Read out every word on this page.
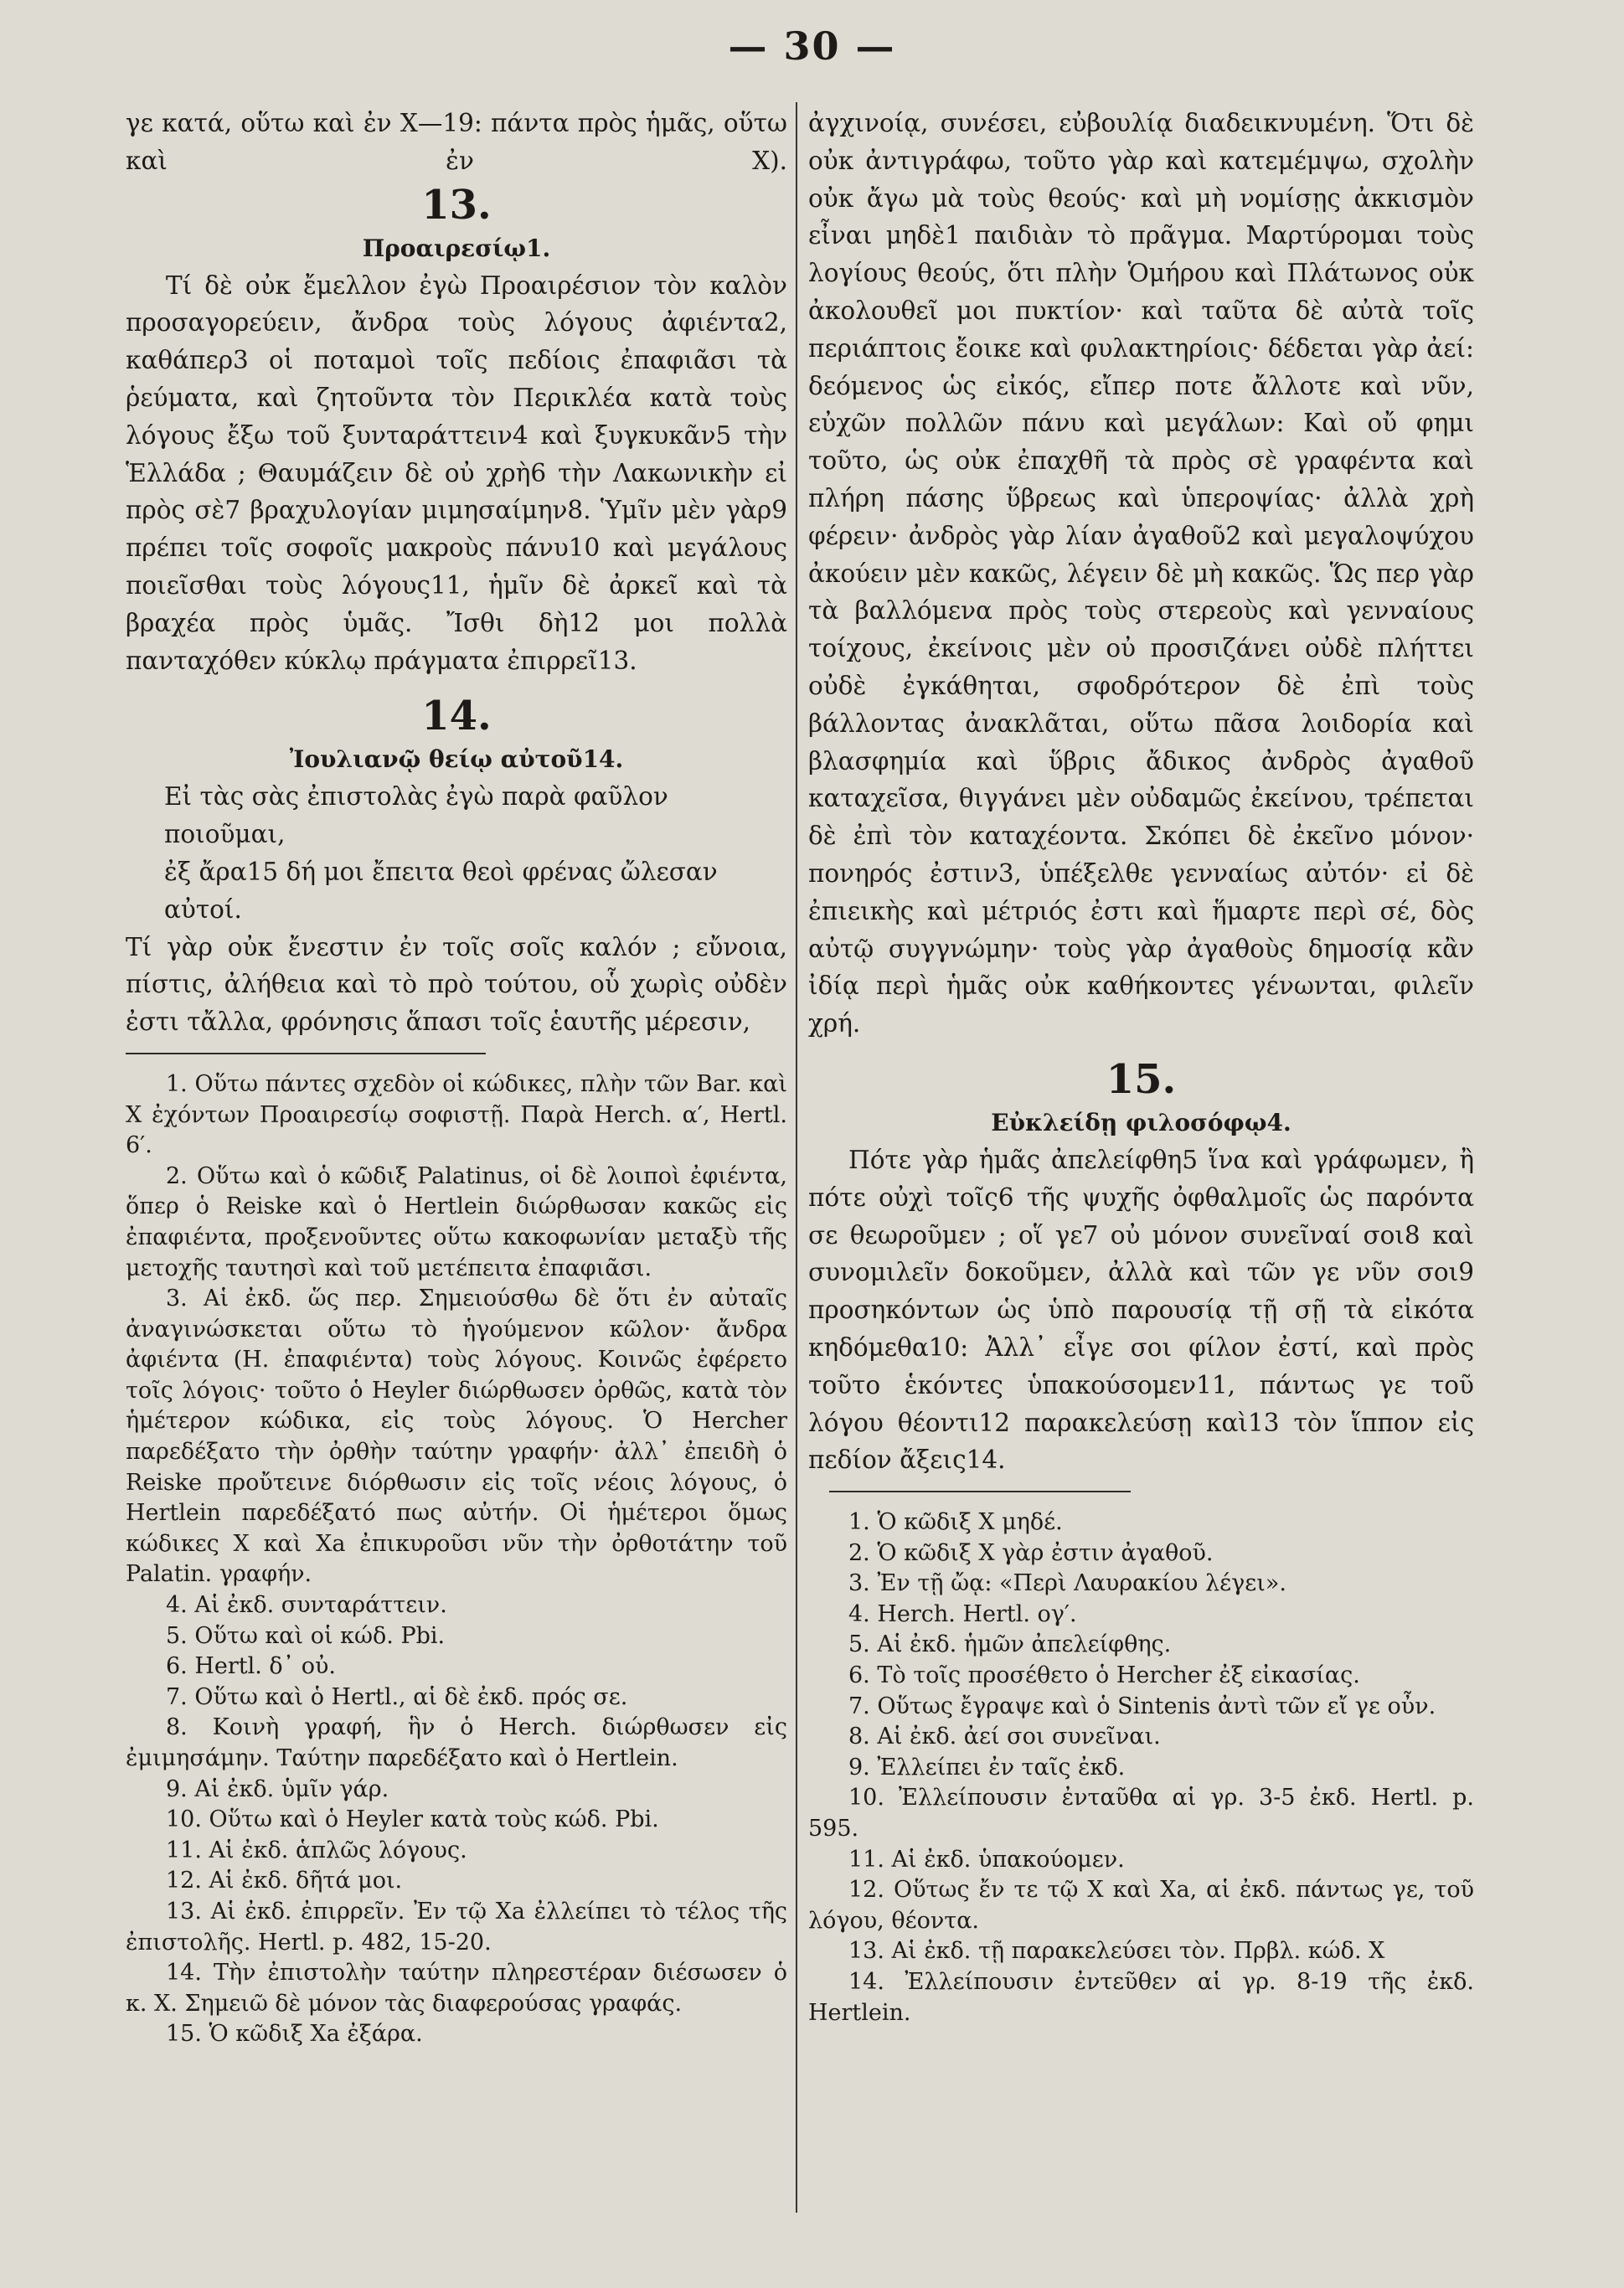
— 30 —

γε κατά, οὕτω καὶ ἐν Χ—19: πάντα πρὸς ἡμᾶς, οὕτω καὶ ἐν Χ).

13.
Προαιρεσίῳ1.

Τί δὲ οὐκ ἔμελλον ἐγὼ Προαιρέσιον τὸν καλὸν προσαγορεύειν, ἄνδρα τοὺς λόγους ἀφιέντα2, καθάπερ3 οἱ ποταμοὶ τοῖς πεδίοις ἐπαφιᾶσι τὰ ῥεύματα, καὶ ζητοῦντα τὸν Περικλέα κατὰ τοὺς λόγους ἔξω τοῦ ξυνταράττειν4 καὶ ξυγκυκᾶν5 τὴν Ἑλλάδα ; Θαυμάζειν δὲ οὐ χρὴ6 τὴν Λακωνικὴν εἰ πρὸς σὲ7 βραχυλογίαν μιμησαίμην8. Ὑμῖν μὲν γὰρ9 πρέπει τοῖς σοφοῖς μακροὺς πάνυ10 καὶ μεγάλους ποιεῖσθαι τοὺς λόγους11, ἡμῖν δὲ ἀρκεῖ καὶ τὰ βραχέα πρὸς ὑμᾶς. Ἴσθι δὴ12 μοι πολλὰ πανταχόθεν κύκλῳ πράγματα ἐπιρρεῖ13.

14.
Ἰουλιανῷ θείῳ αὐτοῦ14.

Εἰ τὰς σὰς ἐπιστολὰς ἐγὼ παρὰ φαῦλον ποιοῦμαι,

ἐξ ἄρα15 δή μοι ἔπειτα θεοὶ φρένας ὤλεσαν αὐτοί.

Τί γὰρ οὐκ ἔνεστιν ἐν τοῖς σοῖς καλόν ; εὔνοια, πίστις, ἀλήθεια καὶ τὸ πρὸ τούτου, οὗ χωρὶς οὐδὲν ἐστι τἄλλα, φρόνησις ἅπασι τοῖς ἑαυτῆς μέρεσιν,

1. Οὕτω πάντες σχεδὸν οἱ κώδικες, πλὴν τῶν Bar. καὶ Χ ἐχόντων Προαιρεσίῳ σοφιστῇ. Παρὰ Herch. α′, Hertl. 6′.

2. Οὕτω καὶ ὁ κῶδιξ Palatinus, οἱ δὲ λοιποὶ ἐφιέντα, ὅπερ ὁ Reiske καὶ ὁ Hertlein διώρθωσαν κακῶς εἰς ἐπαφιέντα, προξενοῦντες οὕτω κακοφωνίαν μεταξὺ τῆς μετοχῆς ταυτησὶ καὶ τοῦ μετέπειτα ἐπαφιᾶσι.

3. Αἱ ἐκδ. ὥς περ. Σημειούσθω δὲ ὅτι ἐν αὐταῖς ἀναγινώσκεται οὕτω τὸ ἡγούμενον κῶλον· ἄνδρα ἀφιέντα (Η. ἐπαφιέντα) τοὺς λόγους. Κοινῶς ἐφέρετο τοῖς λόγοις· τοῦτο ὁ Heyler διώρθωσεν ὀρθῶς, κατὰ τὸν ἡμέτερον κώδικα, εἰς τοὺς λόγους. Ὁ Hercher παρεδέξατο τὴν ὀρθὴν ταύτην γραφήν· ἀλλ᾽ ἐπειδὴ ὁ Reiske προὔτεινε διόρθωσιν εἰς τοῖς νέοις λόγους, ὁ Hertlein παρεδέξατό πως αὐτήν. Οἱ ἡμέτεροι ὅμως κώδικες Χ καὶ Χa ἐπικυροῦσι νῦν τὴν ὀρθοτάτην τοῦ Palatin. γραφήν.

4. Αἱ ἐκδ. συνταράττειν.

5. Οὕτω καὶ οἱ κώδ. Pbi.

6. Hertl. δ᾽ οὐ.

7. Οὕτω καὶ ὁ Hertl., αἱ δὲ ἐκδ. πρός σε.

8. Κοινὴ γραφή, ἣν ὁ Herch. διώρθωσεν εἰς ἐμιμησάμην. Ταύτην παρεδέξατο καὶ ὁ Hertlein.

9. Αἱ ἐκδ. ὑμῖν γάρ.

10. Οὕτω καὶ ὁ Heyler κατὰ τοὺς κώδ. Pbi.

11. Αἱ ἐκδ. ἁπλῶς λόγους.

12. Αἱ ἐκδ. δῆτά μοι.

13. Αἱ ἐκδ. ἐπιρρεῖν. Ἐν τῷ Χa ἐλλείπει τὸ τέλος τῆς ἐπιστολῆς. Hertl. p. 482, 15-20.

14. Τὴν ἐπιστολὴν ταύτην πληρεστέραν διέσωσεν ὁ κ. Χ. Σημειῶ δὲ μόνον τὰς διαφερούσας γραφάς.

15. Ὁ κῶδιξ Χa ἐξάρα.

ἀγχινοίᾳ, συνέσει, εὐβουλίᾳ διαδεικνυμένη. Ὅτι δὲ οὐκ ἀντιγράφω, τοῦτο γὰρ καὶ κατεμέμψω, σχολὴν οὐκ ἄγω μὰ τοὺς θεούς· καὶ μὴ νομίσῃς ἀκκισμὸν εἶναι μηδὲ1 παιδιὰν τὸ πρᾶγμα. Μαρτύρομαι τοὺς λογίους θεούς, ὅτι πλὴν Ὁμήρου καὶ Πλάτωνος οὐκ ἀκολουθεῖ μοι πυκτίον· καὶ ταῦτα δὲ αὐτὰ τοῖς περιάπτοις ἔοικε καὶ φυλακτηρίοις· δέδεται γὰρ ἀεί: δεόμενος ὡς εἰκός, εἴπερ ποτε ἄλλοτε καὶ νῦν, εὐχῶν πολλῶν πάνυ καὶ μεγάλων: Καὶ οὔ φημι τοῦτο, ὡς οὐκ ἐπαχθῆ τὰ πρὸς σὲ γραφέντα καὶ πλήρη πάσης ὕβρεως καὶ ὑπεροψίας· ἀλλὰ χρὴ φέρειν· ἀνδρὸς γὰρ λίαν ἀγαθοῦ2 καὶ μεγαλοψύχου ἀκούειν μὲν κακῶς, λέγειν δὲ μὴ κακῶς. Ὥς περ γὰρ τὰ βαλλόμενα πρὸς τοὺς στερεοὺς καὶ γενναίους τοίχους, ἐκείνοις μὲν οὐ προσιζάνει οὐδὲ πλήττει οὐδὲ ἐγκάθηται, σφοδρότερον δὲ ἐπὶ τοὺς βάλλοντας ἀνακλᾶται, οὕτω πᾶσα λοιδορία καὶ βλασφημία καὶ ὕβρις ἄδικος ἀνδρὸς ἀγαθοῦ καταχεῖσα, θιγγάνει μὲν οὐδαμῶς ἐκείνου, τρέπεται δὲ ἐπὶ τὸν καταχέοντα. Σκόπει δὲ ἐκεῖνο μόνον· πονηρός ἐστιν3, ὑπέξελθε γενναίως αὐτόν· εἰ δὲ ἐπιεικὴς καὶ μέτριός ἐστι καὶ ἥμαρτε περὶ σέ, δὸς αὐτῷ συγγνώμην· τοὺς γὰρ ἀγαθοὺς δημοσίᾳ κἂν ἰδίᾳ περὶ ἡμᾶς οὐκ καθήκοντες γένωνται, φιλεῖν χρή.

15.
Εὐκλείδῃ φιλοσόφῳ4.

Πότε γὰρ ἡμᾶς ἀπελείφθη5 ἵνα καὶ γράφωμεν, ἢ πότε οὐχὶ τοῖς6 τῆς ψυχῆς ὀφθαλμοῖς ὡς παρόντα σε θεωροῦμεν ; οἵ γε7 οὐ μόνον συνεῖναί σοι8 καὶ συνομιλεῖν δοκοῦμεν, ἀλλὰ καὶ τῶν γε νῦν σοι9 προσηκόντων ὡς ὑπὸ παρουσίᾳ τῇ σῇ τὰ εἰκότα κηδόμεθα10: Ἀλλ᾽ εἶγε σοι φίλον ἐστί, καὶ πρὸς τοῦτο ἑκόντες ὑπακούσομεν11, πάντως γε τοῦ λόγου θέοντι12 παρακελεύσῃ καὶ13 τὸν ἵππον εἰς πεδίον ἄξεις14.

1. Ὁ κῶδιξ Χ μηδέ.

2. Ὁ κῶδιξ Χ γὰρ ἐστιν ἀγαθοῦ.

3. Ἐν τῇ ὤᾳ: «Περὶ Λαυρακίου λέγει».

4. Herch. Hertl. ογ′.

5. Αἱ ἐκδ. ἡμῶν ἀπελείφθης.

6. Τὸ τοῖς προσέθετο ὁ Hercher ἐξ εἰκασίας.

7. Οὕτως ἔγραψε καὶ ὁ Sintenis ἀντὶ τῶν εἴ γε οὖν.

8. Αἱ ἐκδ. ἀεί σοι συνεῖναι.

9. Ἐλλείπει ἐν ταῖς ἐκδ.

10. Ἐλλείπουσιν ἐνταῦθα αἱ γρ. 3-5 ἐκδ. Hertl. p. 595.

11. Αἱ ἐκδ. ὑπακούομεν.

12. Οὕτως ἔν τε τῷ Χ καὶ Χa, αἱ ἐκδ. πάντως γε, τοῦ λόγου, θέοντα.

13. Αἱ ἐκδ. τῇ παρακελεύσει τὸν. Πρβλ. κώδ. Χ

14. Ἐλλείπουσιν ἐντεῦθεν αἱ γρ. 8-19 τῆς ἐκδ. Hertlein.
